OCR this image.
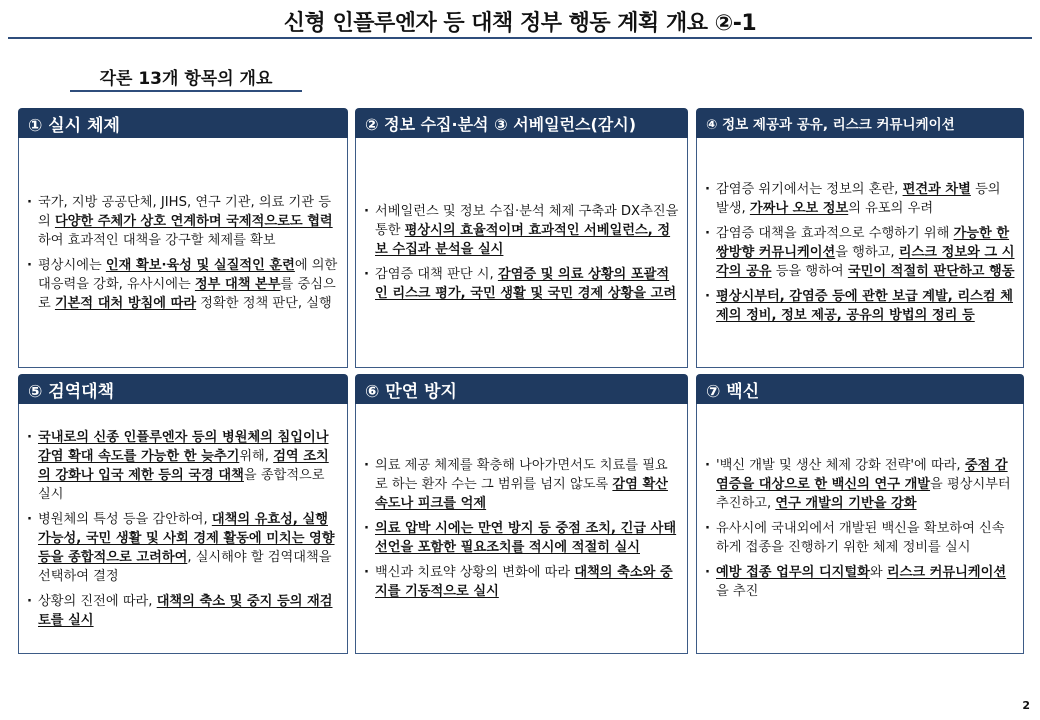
신형 인플루엔자 등 대책 정부 행동 계획 개요 ②-1
각론 13개 항목의 개요
① 실시 체제
· 국가, 지방 공공단체, JIHS, 연구 기관, 의료 기관 등의 다양한 주체가 상호 연계하며 국제적으로도 협력하여 효과적인 대책을 강구할 체제를 확보
· 평상시에는 인재 확보·육성 및 실질적인 훈련에 의한 대응력을 강화, 유사시에는 정부 대책 본부를 중심으로 기본적 대처 방침에 따라 정확한 정책 판단, 실행
② 정보 수집·분석 ③ 서베일런스(감시)
· 서베일런스 및 정보 수집·분석 체제 구축과 DX추진을 통한 평상시의 효율적이며 효과적인 서베일런스, 정보 수집과 분석을 실시
· 감염증 대책 판단 시, 감염증 및 의료 상황의 포괄적인 리스크 평가, 국민 생활 및 국민 경제 상황을 고려
④ 정보 제공과 공유, 리스크 커뮤니케이션
· 감염증 위기에서는 정보의 혼란, 편견과 차별 등의 발생, 가짜나 오보 정보의 유포의 우려
· 감염증 대책을 효과적으로 수행하기 위해 가능한 한 쌍방향 커뮤니케이션을 행하고, 리스크 정보와 그 시각의 공유 등을 행하여 국민이 적절히 판단하고 행동
· 평상시부터, 감염증 등에 관한 보급 계발, 리스컴 체제의 정비, 정보 제공, 공유의 방법의 정리 등
⑤ 검역대책
· 국내로의 신종 인플루엔자 등의 병원체의 침입이나 감염 확대 속도를 가능한 한 늦추기위해, 검역 조치의 강화나 입국 제한 등의 국경 대책을 종합적으로 실시
· 병원체의 특성 등을 감안하여, 대책의 유효성, 실행 가능성, 국민 생활 및 사회 경제 활동에 미치는 영향 등을 종합적으로 고려하여, 실시해야 할 검역대책을 선택하여 결정
· 상황의 진전에 따라, 대책의 축소 및 중지 등의 재검토를 실시
⑥ 만연 방지
· 의료 제공 체제를 확충해 나아가면서도 치료를 필요로 하는 환자 수는 그 범위를 넘지 않도록 감염 확산 속도나 피크를 억제
· 의료 압박 시에는 만연 방지 등 중점 조치, 긴급 사태 선언을 포함한 필요조치를 적시에 적절히 실시
· 백신과 치료약 상황의 변화에 따라 대책의 축소와 중지를 기동적으로 실시
⑦ 백신
· '백신 개발 및 생산 체제 강화 전략'에 따라, 중점 감염증을 대상으로 한 백신의 연구 개발을 평상시부터 추진하고, 연구 개발의 기반을 강화
· 유사시에 국내외에서 개발된 백신을 확보하여 신속하게 접종을 진행하기 위한 체제 정비를 실시
· 예방 접종 업무의 디지털화와 리스크 커뮤니케이션을 추진
2
